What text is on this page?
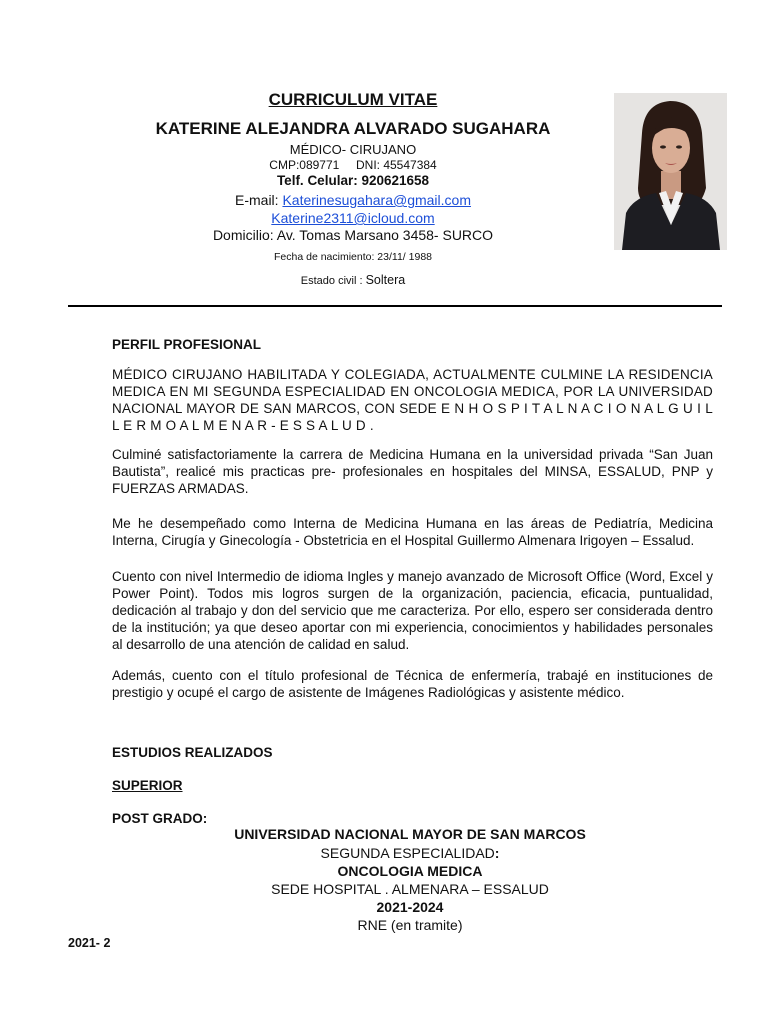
CURRICULUM VITAE
KATERINE ALEJANDRA ALVARADO SUGAHARA
MÉDICO- CIRUJANO
CMP:089771     DNI: 45547384
Telf. Celular: 920621658
E-mail: Katerinesugahara@gmail.com
Katerine2311@icloud.com
Domicilio: Av. Tomas Marsano 3458- SURCO
Fecha de nacimiento: 23/11/ 1988
Estado civil : Soltera
PERFIL PROFESIONAL

MÉDICO CIRUJANO HABILITADA Y COLEGIADA, ACTUALMENTE CULMINE LA RESIDENCIA MEDICA EN MI SEGUNDA ESPECIALIDAD EN ONCOLOGIA MEDICA, POR LA UNIVERSIDAD NACIONAL MAYOR DE SAN MARCOS, CON SEDE E N H O S P I T A L N A C I O N A L G U I L L E R M O A L M E N A R - E S S A L U D .

Culminé satisfactoriamente la carrera de Medicina Humana en la universidad privada “San Juan Bautista”, realicé mis practicas pre- profesionales en hospitales del MINSA, ESSALUD, PNP y FUERZAS ARMADAS.

Me he desempeñado como Interna de Medicina Humana en las áreas de Pediatría, Medicina Interna, Cirugía y Ginecología - Obstetricia en el Hospital Guillermo Almenara Irigoyen – Essalud.

Cuento con nivel Intermedio de idioma Ingles y manejo avanzado de Microsoft Office (Word, Excel y Power Point). Todos mis logros surgen de la organización, paciencia, eficacia, puntualidad, dedicación al trabajo y don del servicio que me caracteriza. Por ello, espero ser considerada dentro de la institución; ya que deseo aportar con mi experiencia, conocimientos y habilidades personales al desarrollo de una atención de calidad en salud.

Además, cuento con el título profesional de Técnica de enfermería, trabajé en instituciones de prestigio y ocupé el cargo de asistente de Imágenes Radiológicas y asistente médico.

ESTUDIOS REALIZADOS
SUPERIOR
POST GRADO:
UNIVERSIDAD NACIONAL MAYOR DE SAN MARCOS
SEGUNDA ESPECIALIDAD:
ONCOLOGIA MEDICA
SEDE HOSPITAL . ALMENARA – ESSALUD
2021-2024
RNE (en tramite)
2021- 2
